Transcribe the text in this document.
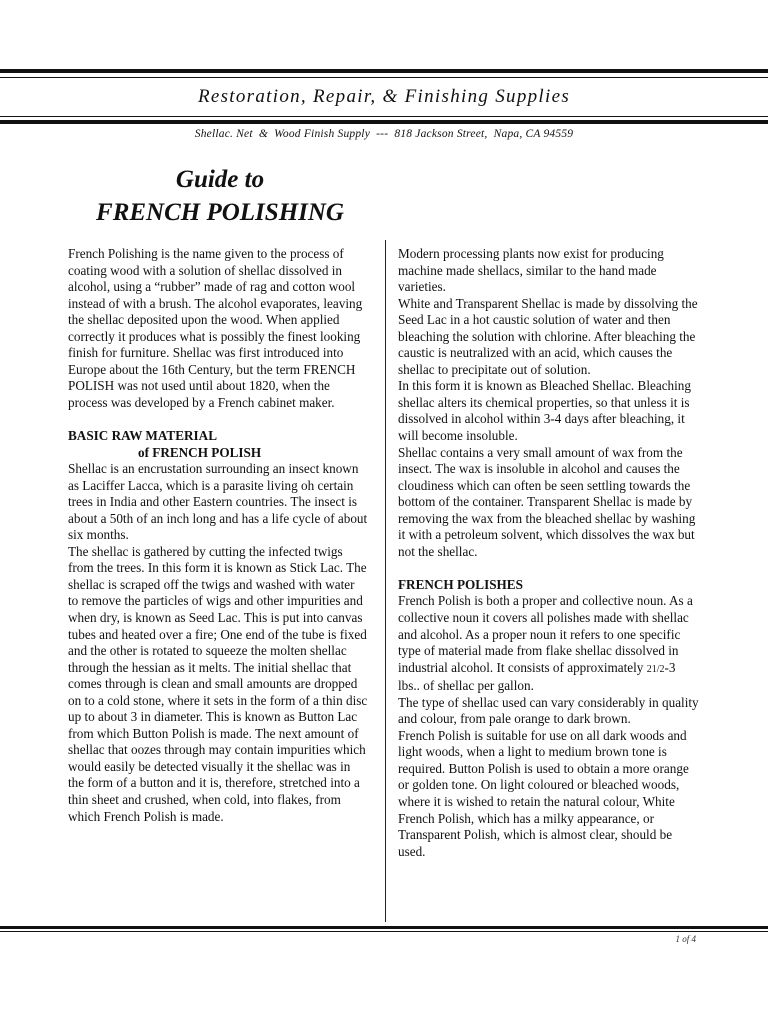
Restoration, Repair, & Finishing Supplies
Shellac. Net  &  Wood Finish Supply  ---  818 Jackson Street,  Napa, CA 94559
Guide to
FRENCH POLISHING

French Polishing is the name given to the process of coating wood with a solution of shellac dissolved in alcohol, using a “rubber” made of rag and cotton wool instead of with a brush. The alcohol evaporates, leaving the shellac deposited upon the wood. When applied correctly it produces what is possibly the finest looking finish for furniture. Shellac was first introduced into Europe about the 16th Century, but the term FRENCH POLISH was not used until about 1820, when the process was developed by a French cabinet maker.

BASIC RAW MATERIAL

of FRENCH POLISH

Shellac is an encrustation surrounding an insect known as Laciffer Lacca, which is a parasite living oh certain trees in India and other Eastern countries. The insect is about a 50th of an inch long and has a life cycle of about six months.

The shellac is gathered by cutting the infected twigs from the trees. In this form it is known as Stick Lac. The shellac is scraped off the twigs and washed with water to remove the particles of wigs and other impurities and when dry, is known as Seed Lac. This is put into canvas tubes and heated over a fire; One end of the tube is fixed and the other is rotated to squeeze the molten shellac through the hessian as it melts. The initial shellac that comes through is clean and small amounts are dropped on to a cold stone, where it sets in the form of a thin disc up to about 3 in diameter. This is known as Button Lac from which Button Polish is made. The next amount of shellac that oozes through may contain impurities which would easily be detected visually it the shellac was in the form of a button and it is, therefore, stretched into a thin sheet and crushed, when cold, into flakes, from which French Polish is made.

Modern processing plants now exist for producing machine made shellacs, similar to the hand made varieties.

White and Transparent Shellac is made by dissolving the Seed Lac in a hot caustic solution of water and then bleaching the solution with chlorine. After bleaching the caustic is neutralized with an acid, which causes the shellac to precipitate out of solution.

In this form it is known as Bleached Shellac. Bleaching shellac alters its chemical properties, so that unless it is dissolved in alcohol within 3-4 days after bleaching, it will become insoluble.

Shellac contains a very small amount of wax from the insect. The wax is insoluble in alcohol and causes the cloudiness which can often be seen settling towards the bottom of the container. Transparent Shellac is made by removing the wax from the bleached shellac by washing it with a petroleum solvent, which dissolves the wax but not the shellac.

FRENCH POLISHES

French Polish is both a proper and collective noun. As a collective noun it covers all polishes made with shellac and alcohol. As a proper noun it refers to one specific type of material made from flake shellac dissolved in industrial alcohol. It consists of approximately 21/2-3 lbs.. of shellac per gallon.

The type of shellac used can vary considerably in quality and colour, from pale orange to dark brown.

French Polish is suitable for use on all dark woods and light woods, when a light to medium brown tone is required. Button Polish is used to obtain a more orange or golden tone. On light coloured or bleached woods, where it is wished to retain the natural colour, White French Polish, which has a milky appearance, or Transparent Polish, which is almost clear, should be used.

1 of 4
